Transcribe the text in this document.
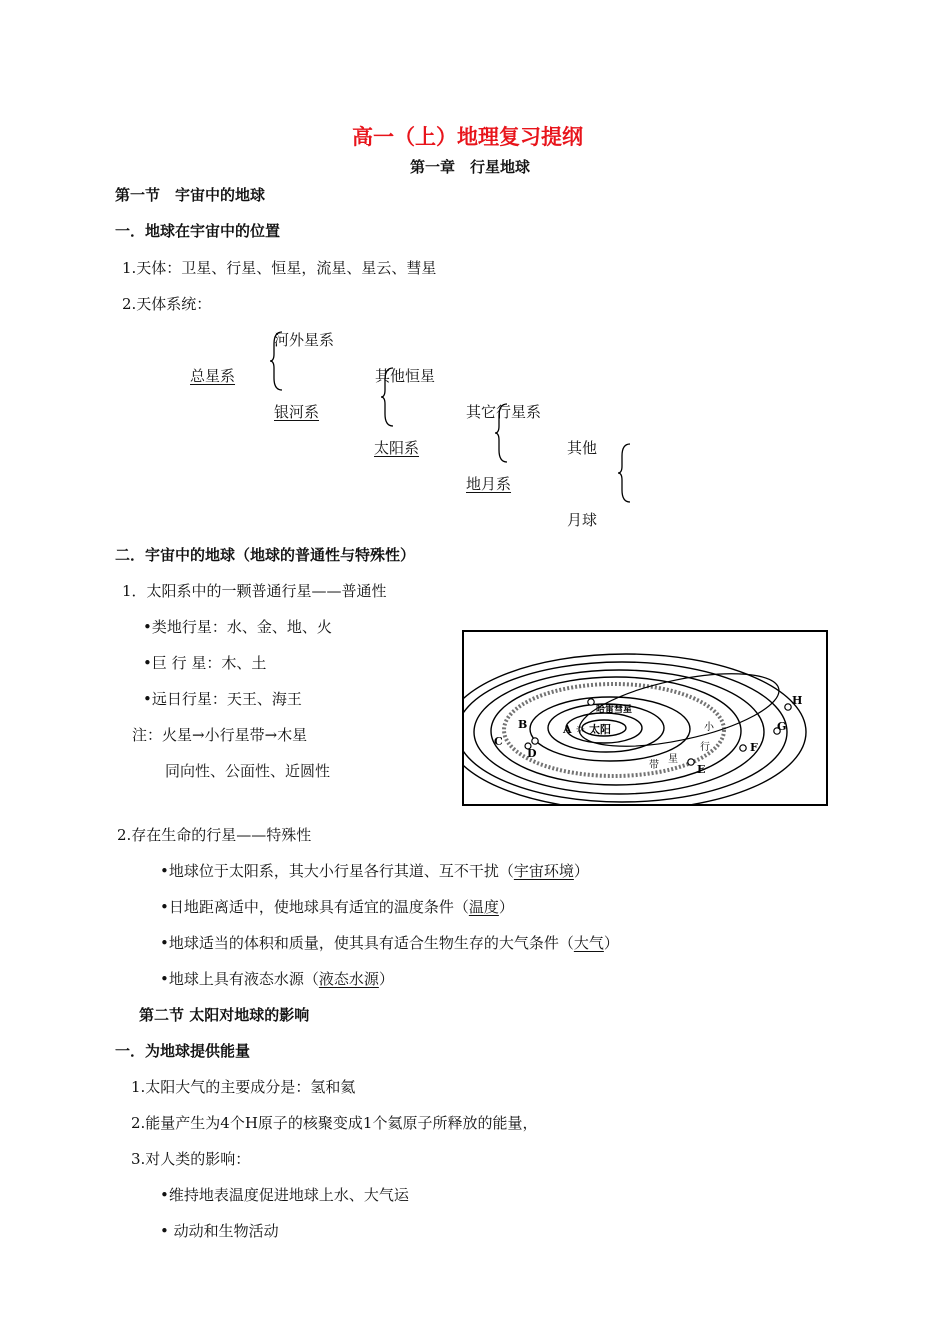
高一（上）地理复习提纲
第一章　行星地球
第一节　宇宙中的地球
一．地球在宇宙中的位置
1.天体：卫星、行星、恒星，流星、星云、彗星
2.天体系统：
总星系
河外星系
银河系
其他恒星
太阳系
其它行星系
地月系
其他
月球
二．宇宙中的地球（地球的普通性与特殊性）
1．太阳系中的一颗普通行星——普通性
•类地行星：水、金、地、火
•巨 行 星：木、土
•远日行星：天王、海王
注：火星→小行星带→木星
同向性、公面性、近圆性
A ☼ 太阳
哈雷彗星
B
C
D
E
F
G
H
小
行
星
带
2.存在生命的行星——特殊性
•地球位于太阳系，其大小行星各行其道、互不干扰（宇宙环境）
•日地距离适中，使地球具有适宜的温度条件（温度）
•地球适当的体积和质量，使其具有适合生物生存的大气条件（大气）
•地球上具有液态水源（液态水源）
第二节 太阳对地球的影响
一．为地球提供能量
1.太阳大气的主要成分是：氢和氦
2.能量产生为4个H原子的核聚变成1个氦原子所释放的能量，
3.对人类的影响：
•维持地表温度促进地球上水、大气运
• 动动和生物活动
